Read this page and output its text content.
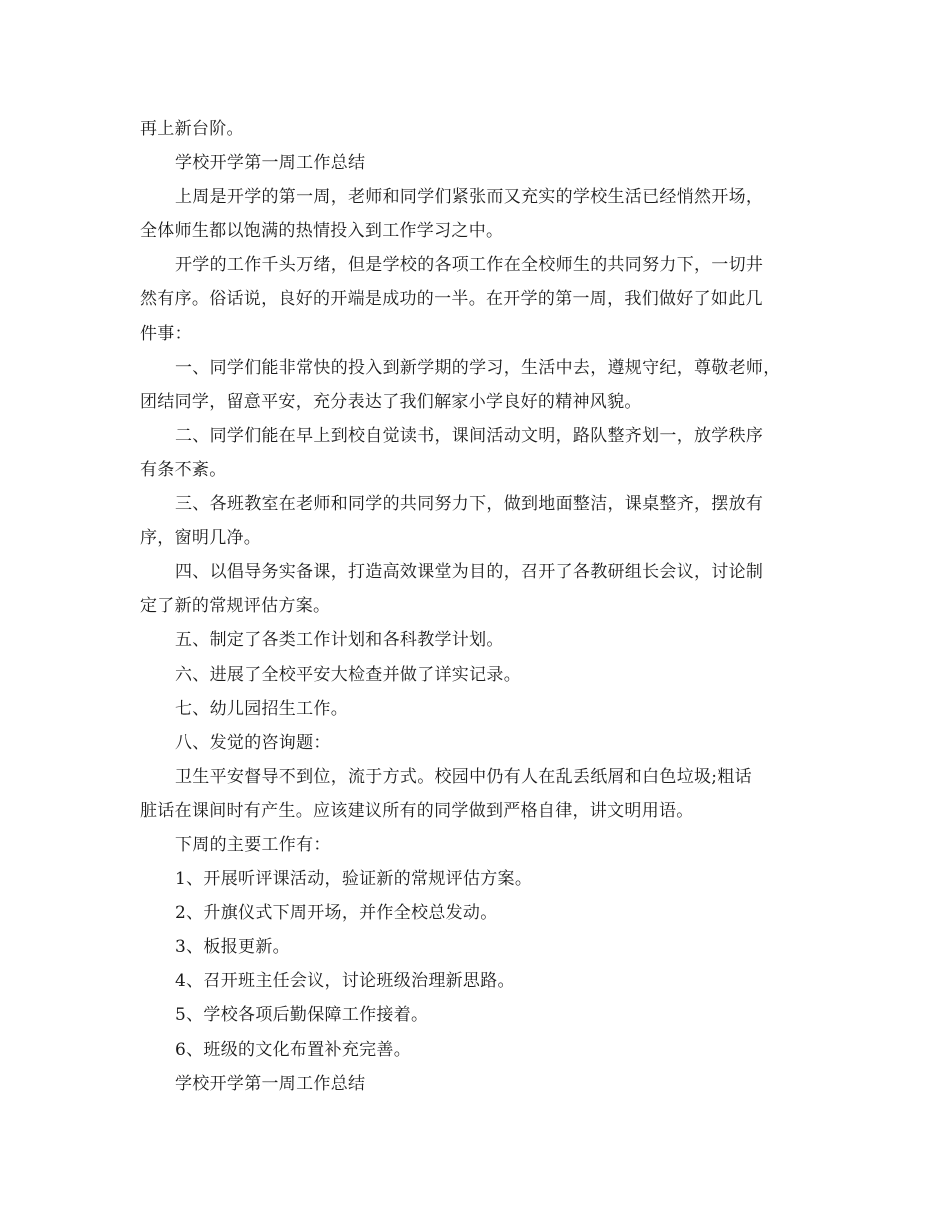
再上新台阶。
学校开学第一周工作总结
上周是开学的第一周，老师和同学们紧张而又充实的学校生活已经悄然开场，
全体师生都以饱满的热情投入到工作学习之中。
开学的工作千头万绪，但是学校的各项工作在全校师生的共同努力下，一切井
然有序。俗话说，良好的开端是成功的一半。在开学的第一周，我们做好了如此几
件事：
一、同学们能非常快的投入到新学期的学习，生活中去，遵规守纪，尊敬老师，
团结同学，留意平安，充分表达了我们解家小学良好的精神风貌。
二、同学们能在早上到校自觉读书，课间活动文明，路队整齐划一，放学秩序
有条不紊。
三、各班教室在老师和同学的共同努力下，做到地面整洁，课桌整齐，摆放有
序，窗明几净。
四、以倡导务实备课，打造高效课堂为目的，召开了各教研组长会议，讨论制
定了新的常规评估方案。
五、制定了各类工作计划和各科教学计划。
六、进展了全校平安大检查并做了详实记录。
七、幼儿园招生工作。
八、发觉的咨询题：
卫生平安督导不到位，流于方式。校园中仍有人在乱丢纸屑和白色垃圾;粗话
脏话在课间时有产生。应该建议所有的同学做到严格自律，讲文明用语。
下周的主要工作有：
1、开展听评课活动，验证新的常规评估方案。
2、升旗仪式下周开场，并作全校总发动。
3、板报更新。
4、召开班主任会议，讨论班级治理新思路。
5、学校各项后勤保障工作接着。
6、班级的文化布置补充完善。
学校开学第一周工作总结
